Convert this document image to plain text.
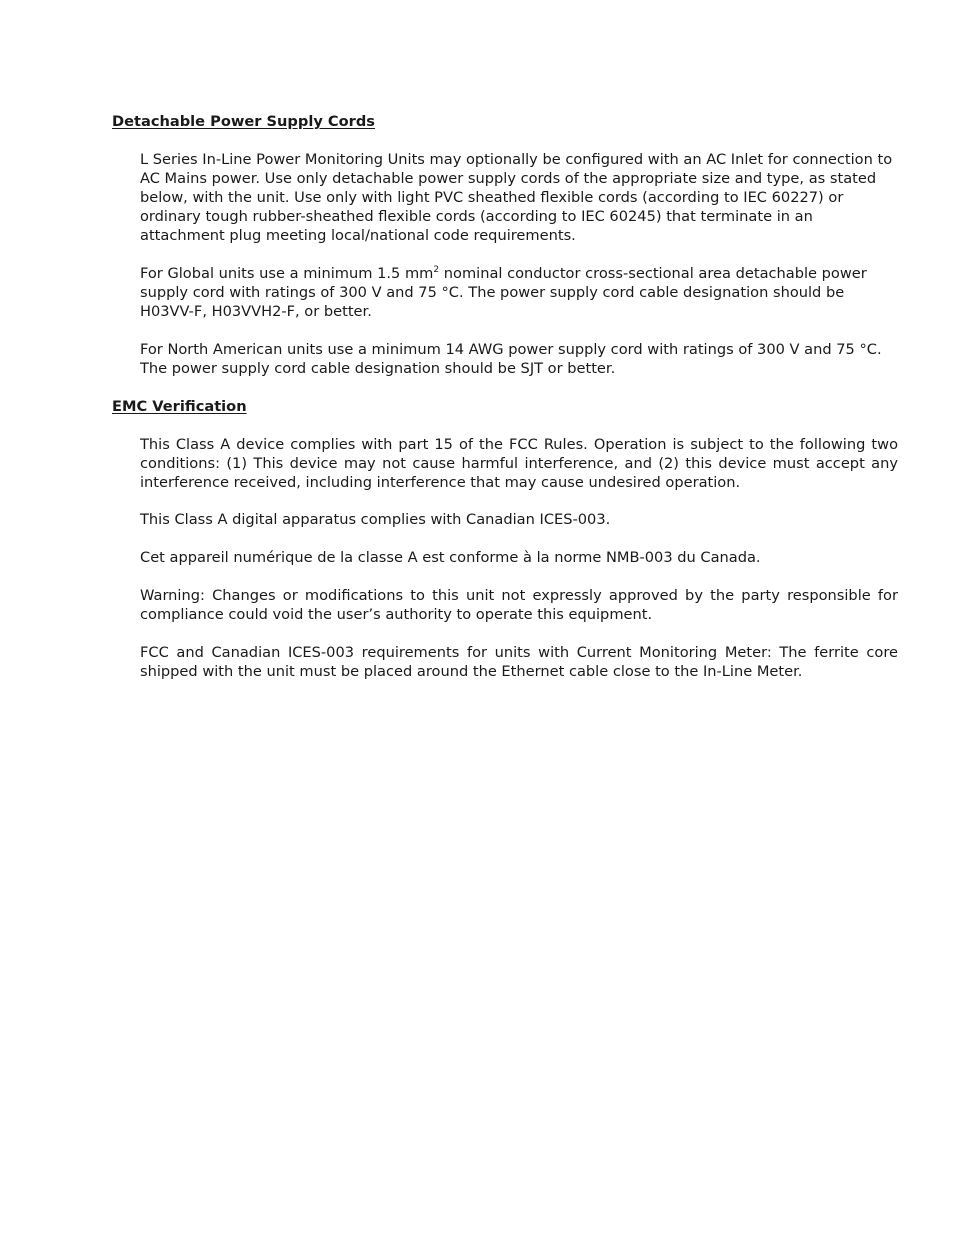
Detachable Power Supply Cords

L Series In-Line Power Monitoring Units may optionally be configured with an AC Inlet for connection to AC Mains power. Use only detachable power supply cords of the appropriate size and type, as stated below, with the unit. Use only with light PVC sheathed flexible cords (according to IEC 60227) or ordinary tough rubber-sheathed flexible cords (according to IEC 60245) that terminate in an attachment plug meeting local/national code requirements.

For Global units use a minimum 1.5 $mm^2$ nominal conductor cross-sectional area detachable power supply cord with ratings of 300 V and 75 °C. The power supply cord cable designation should be H03VV-F, H03VVH2-F, or better.

For North American units use a minimum 14 AWG power supply cord with ratings of 300 V and 75 °C. The power supply cord cable designation should be SJT or better.

EMC Verification

This Class A device complies with part 15 of the FCC Rules. Operation is subject to the following two conditions: (1) This device may not cause harmful interference, and (2) this device must accept any interference received, including interference that may cause undesired operation.

This Class A digital apparatus complies with Canadian ICES-003.

Cet appareil numérique de la classe A est conforme à la norme NMB-003 du Canada.

Warning: Changes or modifications to this unit not expressly approved by the party responsible for compliance could void the user’s authority to operate this equipment.

FCC and Canadian ICES-003 requirements for units with Current Monitoring Meter: The ferrite core shipped with the unit must be placed around the Ethernet cable close to the In-Line Meter.
